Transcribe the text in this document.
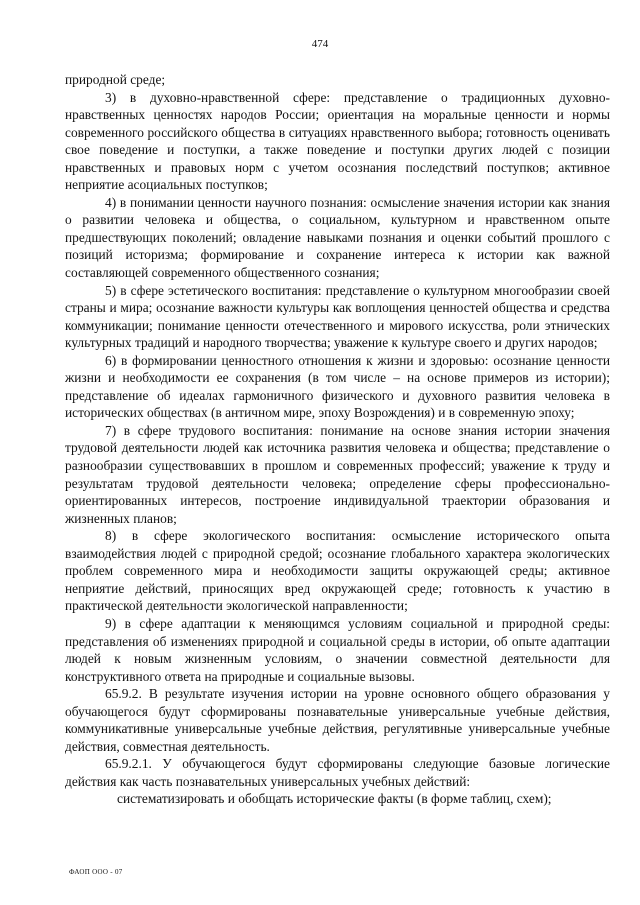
474

природной среде;

3) в духовно-нравственной сфере: представление о традиционных духовно-нравственных ценностях народов России; ориентация на моральные ценности и нормы современного российского общества в ситуациях нравственного выбора; готовность оценивать свое поведение и поступки, а также поведение и поступки других людей с позиции нравственных и правовых норм с учетом осознания последствий поступков; активное неприятие асоциальных поступков;

4) в понимании ценности научного познания: осмысление значения истории как знания о развитии человека и общества, о социальном, культурном и нравственном опыте предшествующих поколений; овладение навыками познания и оценки событий прошлого с позиций историзма; формирование и сохранение интереса к истории как важной составляющей современного общественного сознания;

5) в сфере эстетического воспитания: представление о культурном многообразии своей страны и мира; осознание важности культуры как воплощения ценностей общества и средства коммуникации; понимание ценности отечественного и мирового искусства, роли этнических культурных традиций и народного творчества; уважение к культуре своего и других народов;

6) в формировании ценностного отношения к жизни и здоровью: осознание ценности жизни и необходимости ее сохранения (в том числе – на основе примеров из истории); представление об идеалах гармоничного физического и духовного развития человека в исторических обществах (в античном мире, эпоху Возрождения) и в современную эпоху;

7) в сфере трудового воспитания: понимание на основе знания истории значения трудовой деятельности людей как источника развития человека и общества; представление о разнообразии существовавших в прошлом и современных профессий; уважение к труду и результатам трудовой деятельности человека; определение сферы профессионально-ориентированных интересов, построение индивидуальной траектории образования и жизненных планов;

8) в сфере экологического воспитания: осмысление исторического опыта взаимодействия людей с природной средой; осознание глобального характера экологических проблем современного мира и необходимости защиты окружающей среды; активное неприятие действий, приносящих вред окружающей среде; готовность к участию в практической деятельности экологической направленности;

9) в сфере адаптации к меняющимся условиям социальной и природной среды: представления об изменениях природной и социальной среды в истории, об опыте адаптации людей к новым жизненным условиям, о значении совместной деятельности для конструктивного ответа на природные и социальные вызовы.

65.9.2. В результате изучения истории на уровне основного общего образования у обучающегося будут сформированы познавательные универсальные учебные действия, коммуникативные универсальные учебные действия, регулятивные универсальные учебные действия, совместная деятельность.

65.9.2.1. У обучающегося будут сформированы следующие базовые логические действия как часть познавательных универсальных учебных действий:

систематизировать и обобщать исторические факты (в форме таблиц, схем);

ФАОП ООО - 07
